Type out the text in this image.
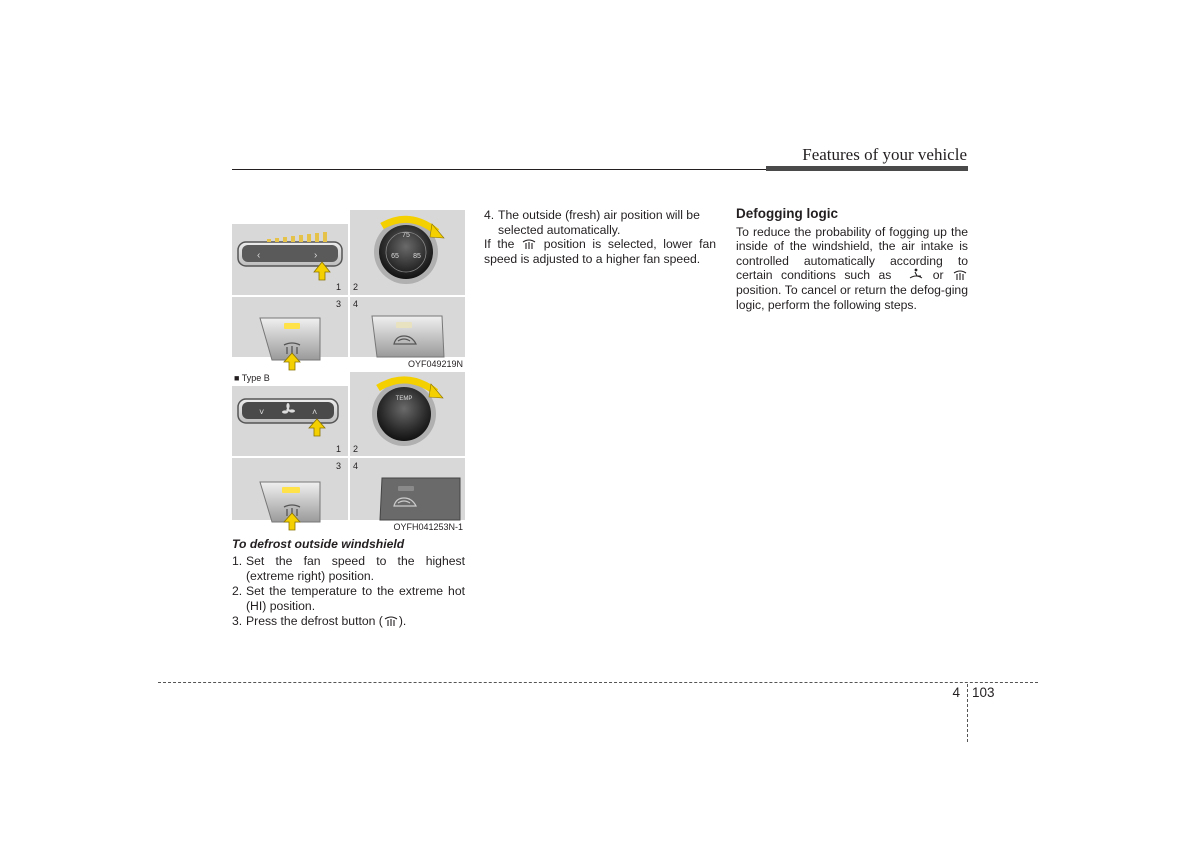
Features of your vehicle
■ Type B
‹	›
1
75
65 85
2
3 4
OYF049219N
˅	˄
1
TEMP
2
3 4
OYFH041253N-1
To defrost outside windshield
1. Set the fan speed to the highest (extreme right) position.
2. Set the temperature to the extreme hot (HI) position.
3. Press the defrost button ( ).
4. The outside (fresh) air position will be selected automatically.

If the position is selected, lower fan speed is adjusted to a higher fan speed.

Defogging logic

To reduce the probability of fogging up the inside of the windshield, the air intake is controlled automatically according to certain conditions such as	or  position. To cancel or return the defog-ging logic, perform the following steps.

4 103
